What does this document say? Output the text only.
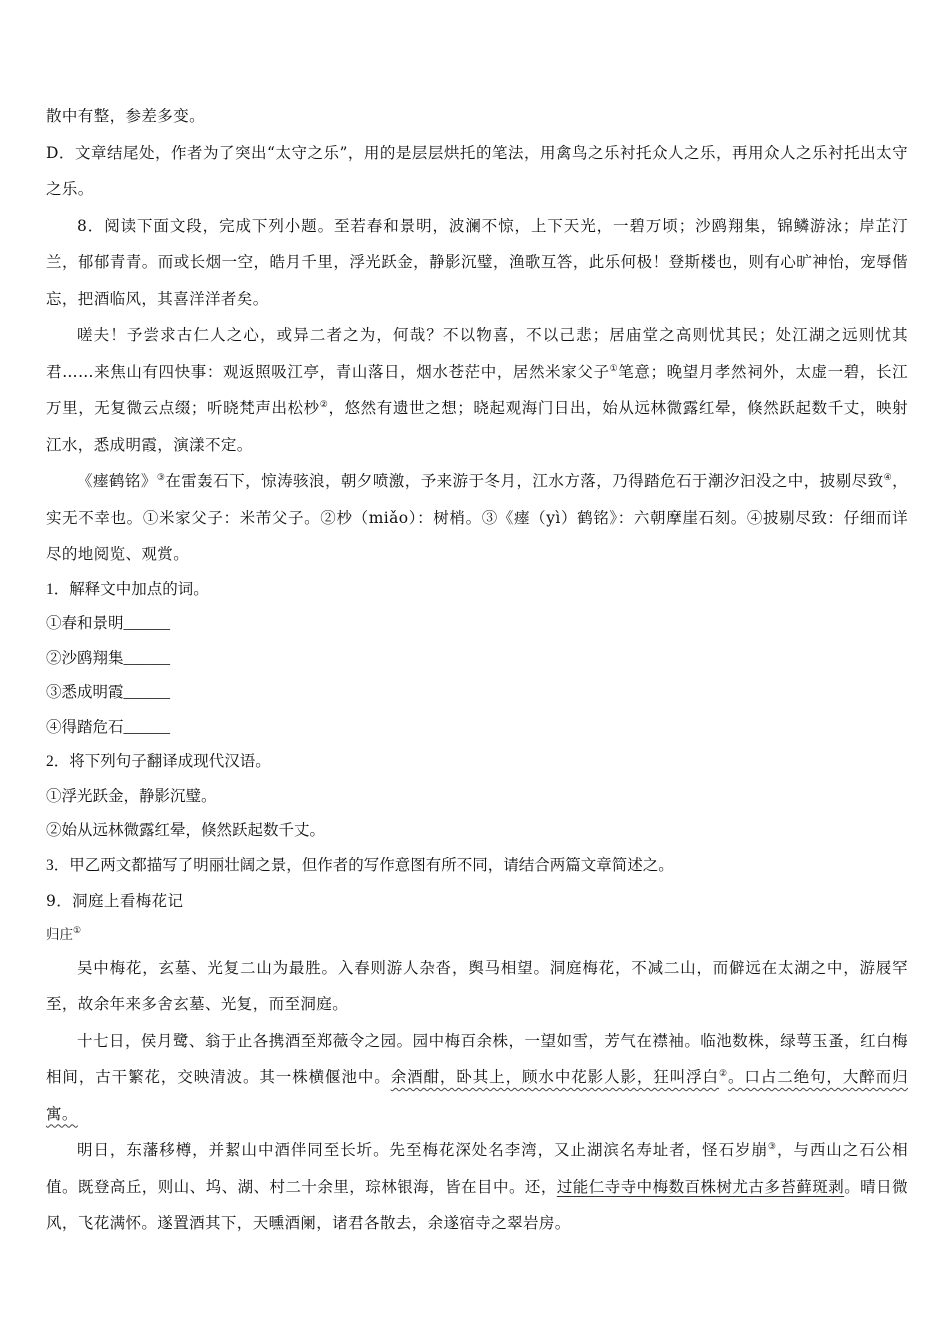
散中有整，参差多变。

D．文章结尾处，作者为了突出“太守之乐”，用的是层层烘托的笔法，用禽鸟之乐衬托众人之乐，再用众人之乐衬托出太守之乐。

8．阅读下面文段，完成下列小题。至若春和景明，波澜不惊，上下天光，一碧万顷；沙鸥翔集，锦鳞游泳；岸芷汀兰，郁郁青青。而或长烟一空，皓月千里，浮光跃金，静影沉璧，渔歌互答，此乐何极！登斯楼也，则有心旷神怡，宠辱偕忘，把酒临风，其喜洋洋者矣。

嗟夫！予尝求古仁人之心，或异二者之为，何哉？不以物喜，不以己悲；居庙堂之高则忧其民；处江湖之远则忧其君……来焦山有四快事：观返照吸江亭，青山落日，烟水苍茫中，居然米家父子①笔意；晚望月孝然祠外，太虚一碧，长江万里，无复微云点缀；听晓梵声出松杪②，悠然有遗世之想；晓起观海门日出，始从远林微露红晕，倏然跃起数千丈，映射江水，悉成明霞，演漾不定。

《瘗鹤铭》③在雷轰石下，惊涛骇浪，朝夕喷激，予来游于冬月，江水方落，乃得踏危石于潮汐汩没之中，披剔尽致④，实无不幸也。①米家父子：米芾父子。②杪（miǎo）：树梢。③《瘗（yì）鹤铭》：六朝摩崖石刻。④披剔尽致：仔细而详尽的地阅览、观赏。

1．解释文中加点的词。

①春和景明______

②沙鸥翔集______

③悉成明霞______

④得踏危石______

2．将下列句子翻译成现代汉语。

①浮光跃金，静影沉璧。

②始从远林微露红晕，倏然跃起数千丈。

3．甲乙两文都描写了明丽壮阔之景，但作者的写作意图有所不同，请结合两篇文章简述之。

9．洞庭上看梅花记

归庄①

吴中梅花，玄墓、光复二山为最胜。入春则游人杂沓，舆马相望。洞庭梅花，不减二山，而僻远在太湖之中，游屐罕至，故余年来多舍玄墓、光复，而至洞庭。

十七日，侯月鹭、翁于止各携酒至郑薇令之园。园中梅百余株，一望如雪，芳气在襟袖。临池数株，绿萼玉蚤，红白梅相间，古干繁花，交映清波。其一株横偃池中。余酒酣，卧其上，顾水中花影人影，狂叫浮白②。口占二绝句，大醉而归寓。

明日，东藩移樽，并絜山中酒伴同至长圻。先至梅花深处名李湾，又止湖滨名寿址者，怪石岁崩③，与西山之石公相值。既登高丘，则山、坞、湖、村二十余里，琮林银海，皆在目中。还，过能仁寺寺中梅数百株树尤古多苔藓斑剥。晴日微风，飞花满怀。遂置酒其下，天曛酒阑，诸君各散去，余遂宿寺之翠岩房。
